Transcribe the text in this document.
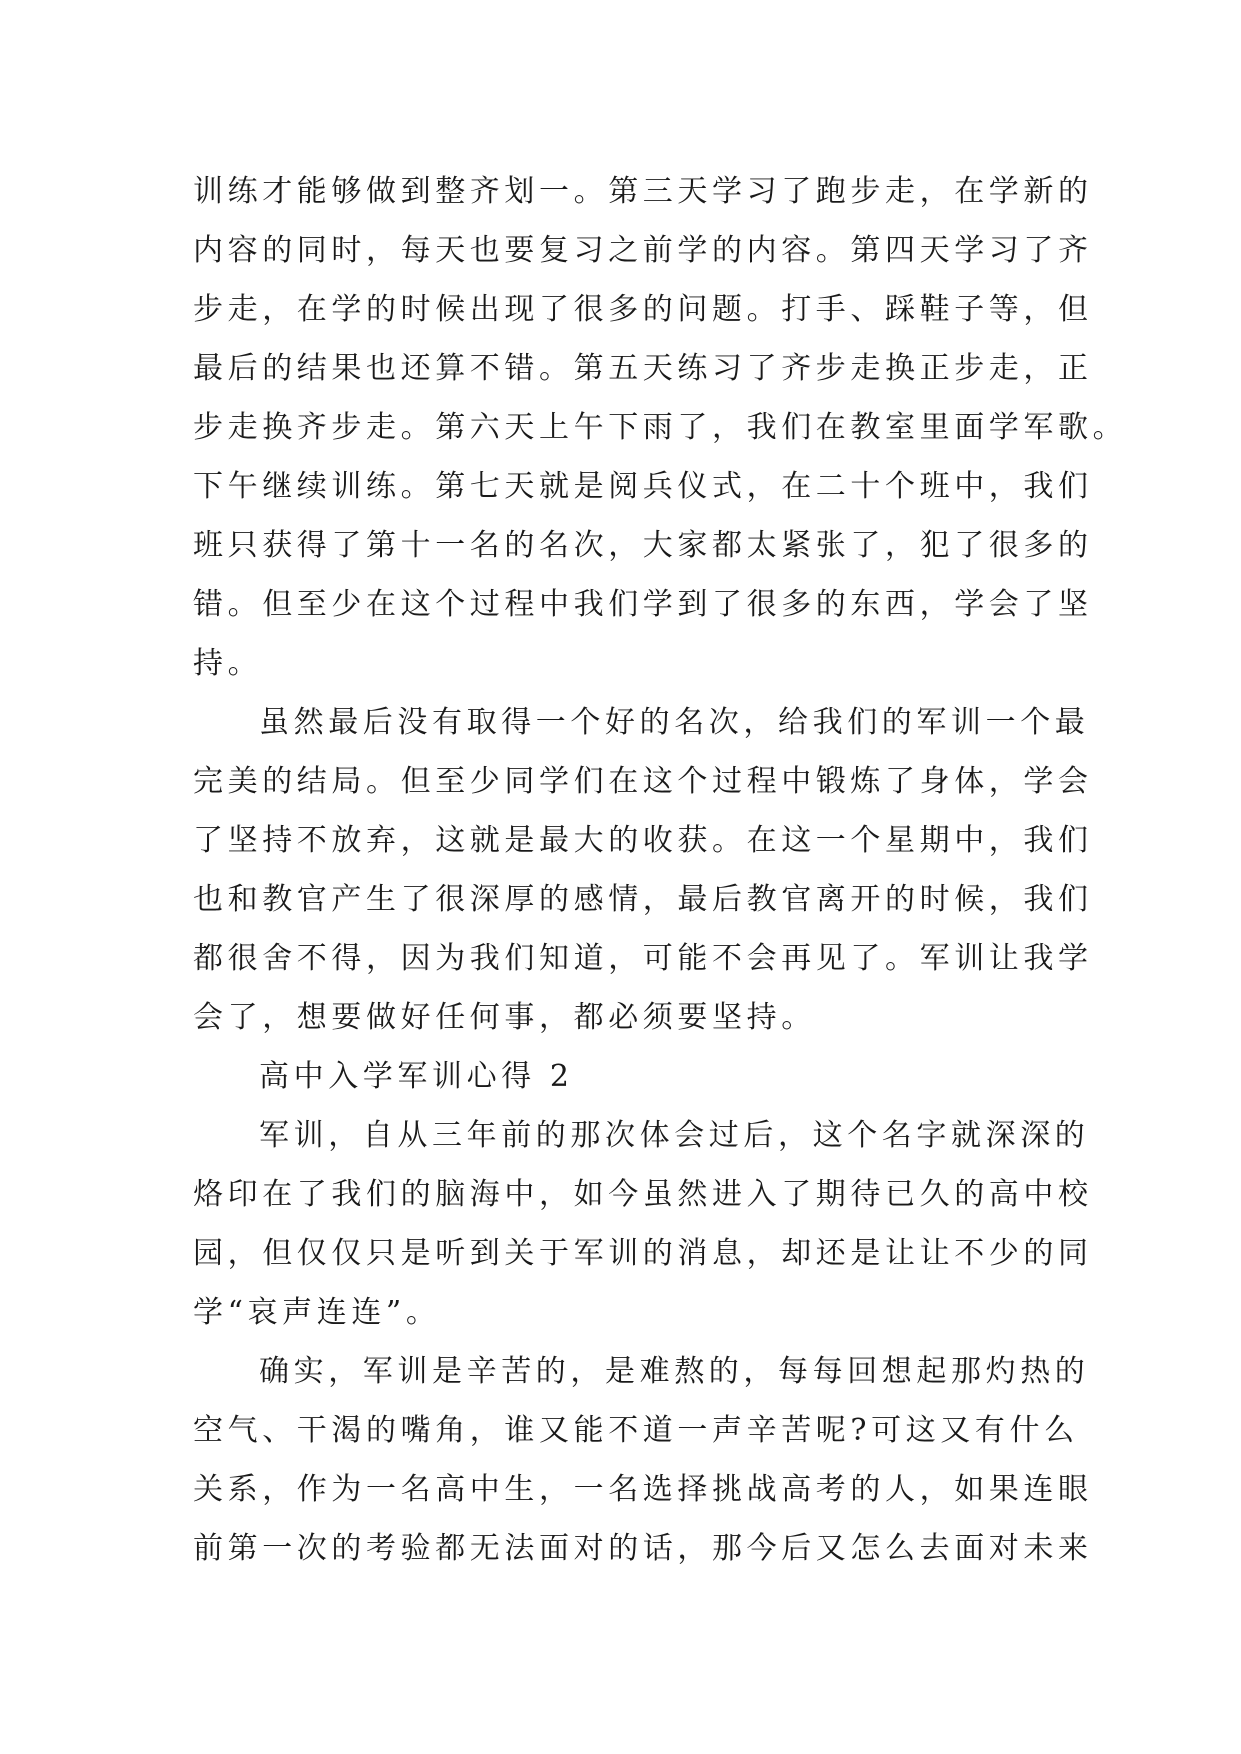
训练才能够做到整齐划一。第三天学习了跑步走，在学新的
内容的同时，每天也要复习之前学的内容。第四天学习了齐
步走，在学的时候出现了很多的问题。打手、踩鞋子等，但
最后的结果也还算不错。第五天练习了齐步走换正步走，正
步走换齐步走。第六天上午下雨了，我们在教室里面学军歌。
下午继续训练。第七天就是阅兵仪式，在二十个班中，我们
班只获得了第十一名的名次，大家都太紧张了，犯了很多的
错。但至少在这个过程中我们学到了很多的东西，学会了坚
持。
虽然最后没有取得一个好的名次，给我们的军训一个最
完美的结局。但至少同学们在这个过程中锻炼了身体，学会
了坚持不放弃，这就是最大的收获。在这一个星期中，我们
也和教官产生了很深厚的感情，最后教官离开的时候，我们
都很舍不得，因为我们知道，可能不会再见了。军训让我学
会了，想要做好任何事，都必须要坚持。
高中入学军训心得 2
军训，自从三年前的那次体会过后，这个名字就深深的
烙印在了我们的脑海中，如今虽然进入了期待已久的高中校
园，但仅仅只是听到关于军训的消息，却还是让让不少的同
学“哀声连连”。
确实，军训是辛苦的，是难熬的，每每回想起那灼热的
空气、干渴的嘴角，谁又能不道一声辛苦呢?可这又有什么
关系，作为一名高中生，一名选择挑战高考的人，如果连眼
前第一次的考验都无法面对的话，那今后又怎么去面对未来
